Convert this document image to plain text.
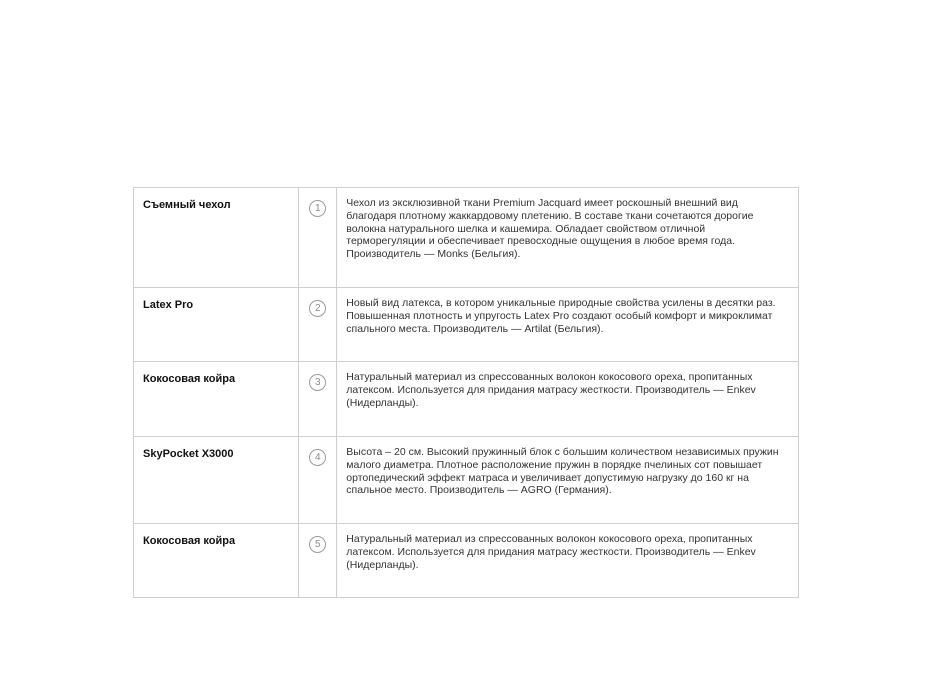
Съемный чехол	1	Чехол из эксклюзивной ткани Premium Jacquard имеет роскошный внешний вид благодаря плотному жаккардовому плетению. В составе ткани сочетаются дорогие волокна натурального шелка и кашемира. Обладает свойством отличной терморегуляции и обеспечивает превосходные ощущения в любое время года. Производитель — Monks (Бельгия).
Latex Pro	2	Новый вид латекса, в котором уникальные природные свойства усилены в десятки раз. Повышенная плотность и упругость Latex Pro создают особый комфорт и микроклимат спального места. Производитель — Artilat (Бельгия).
Кокосовая койра	3	Натуральный материал из спрессованных волокон кокосового ореха, пропитанных латексом. Используется для придания матрасу жесткости. Производитель — Enkev (Нидерланды).
SkyPocket X3000	4	Высота – 20 см. Высокий пружинный блок с большим количеством независимых пружин малого диаметра. Плотное расположение пружин в порядке пчелиных сот повышает ортопедический эффект матраса и увеличивает допустимую нагрузку до 160 кг на спальное место. Производитель — AGRO (Германия).
Кокосовая койра	5	Натуральный материал из спрессованных волокон кокосового ореха, пропитанных латексом. Используется для придания матрасу жесткости. Производитель — Enkev (Нидерланды).
